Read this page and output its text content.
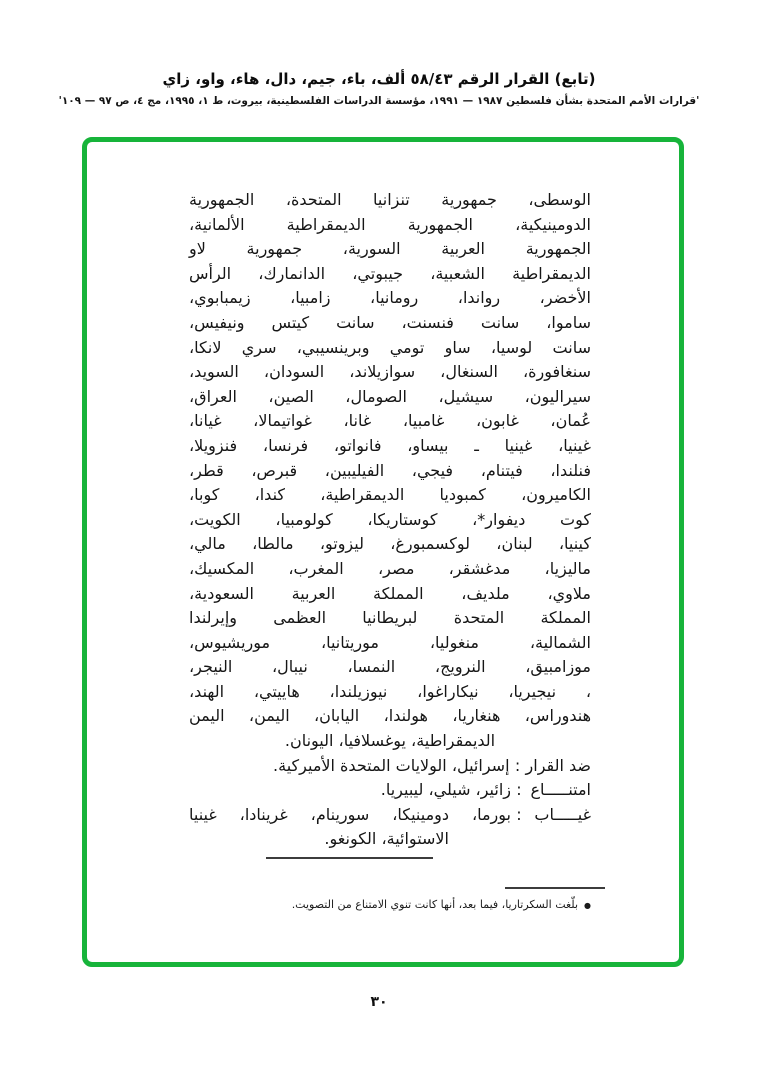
(تابع) القرار الرقم ٥٨/٤٣ ألف، باء، جيم، دال، هاء، واو، زاي
'قرارات الأمم المتحدة بشأن فلسطين ١٩٨٧ — ١٩٩١، مؤسسة الدراسات الفلسطينية، بيروت، ط ١، ١٩٩٥، مج ٤، ص ٩٧ — ١٠٩'
الوسطى، جمهورية تنزانيا المتحدة، الجمهورية
الدومينيكية، الجمهورية الديمقراطية الألمانية،
الجمهورية العربية السورية، جمهورية لاو
الديمقراطية الشعبية، جيبوتي، الدانمارك، الرأس
الأخضر، رواندا، رومانيا، زامبيا، زيمبابوي،
ساموا، سانت فنسنت، سانت كيتس ونيفيس،
سانت لوسيا، ساو تومي وبرينسيبي، سري لانكا،
سنغافورة، السنغال، سوازيلاند، السودان، السويد،
سيراليون، سيشيل، الصومال، الصين، العراق،
عُمان، غابون، غامبيا، غانا، غواتيمالا، غيانا،
غينيا، غينيا ـ بيساو، فانواتو، فرنسا، فنزويلا،
فنلندا، فيتنام، فيجي، الفيليبين، قبرص، قطر،
الكاميرون، كمبوديا الديمقراطية، كندا، كوبا،
كوت ديفوار*، كوستاريكا، كولومبيا، الكويت،
كينيا، لبنان، لوكسمبورغ، ليزوتو، مالطا، مالي،
ماليزيا، مدغشقر، مصر، المغرب، المكسيك،
ملاوي، ملديف، المملكة العربية السعودية،
المملكة المتحدة لبريطانيا العظمى وإيرلندا
الشمالية، منغوليا، موريتانيا، موريشيوس،
موزامبيق، النرويج، النمسا، نيبال، النيجر،
، نيجيريا، نيكاراغوا، نيوزيلندا، هاييتي، الهند،
هندوراس، هنغاريا، هولندا، اليابان، اليمن، اليمن
الديمقراطية، يوغسلافيا، اليونان.
ضد القرار
:
إسرائيل، الولايات المتحدة الأميركية.
امتنـــــاع
:
زائير، شيلي، ليبيريا.
غيـــــاب
:
بورما، دومينيكا، سورينام، غرينادا، غينيا
الاستوائية، الكونغو.
●
بلّغت السكرتاريا، فيما بعد، أنها كانت تنوي الامتناع من التصويت.
٣٠
